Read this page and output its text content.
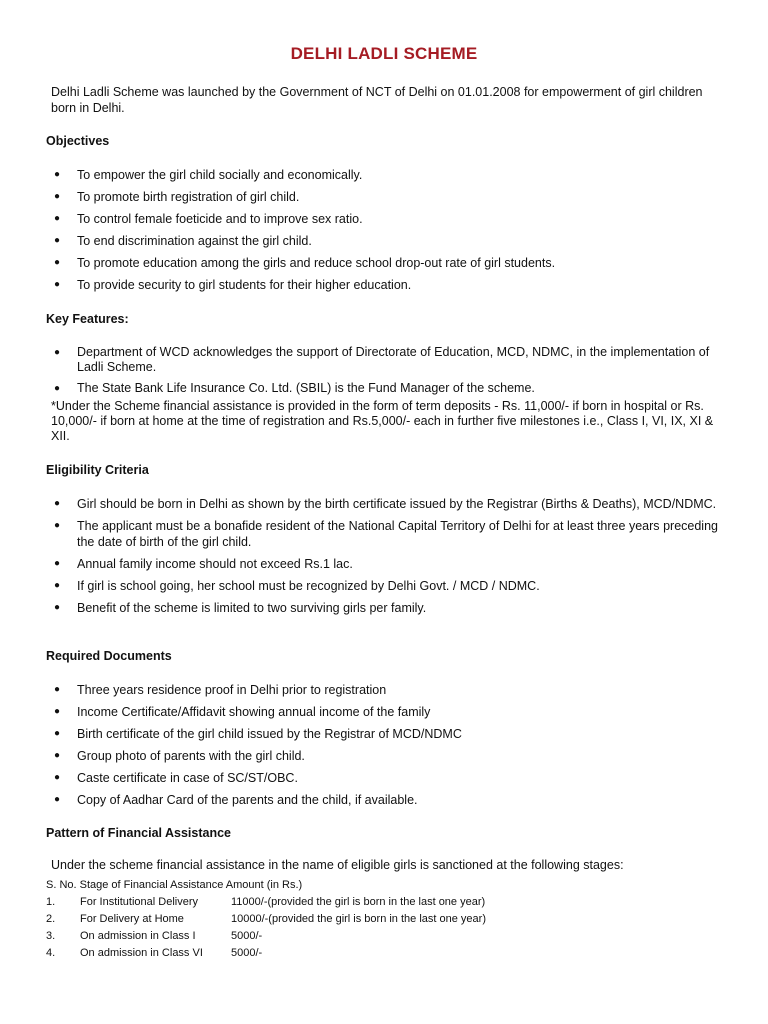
DELHI LADLI SCHEME
Delhi Ladli Scheme was launched by the Government of NCT of Delhi on 01.01.2008 for empowerment of girl children born in Delhi.
Objectives
● To empower the girl child socially and economically.
● To promote birth registration of girl child.
● To control female foeticide and to improve sex ratio.
● To end discrimination against the girl child.
● To promote education among the girls and reduce school drop-out rate of girl students.
● To provide security to girl students for their higher education.
Key Features:
● Department of WCD acknowledges the support of Directorate of Education, MCD, NDMC, in the implementation of Ladli Scheme.
● The State Bank Life Insurance Co. Ltd. (SBIL) is the Fund Manager of the scheme.
*Under the Scheme financial assistance is provided in the form of term deposits - Rs. 11,000/- if born in hospital or Rs. 10,000/- if born at home at the time of registration and Rs.5,000/- each in further five milestones i.e., Class I, VI, IX, XI & XII.
Eligibility Criteria
● Girl should be born in Delhi as shown by the birth certificate issued by the Registrar (Births & Deaths), MCD/NDMC.
● The applicant must be a bonafide resident of the National Capital Territory of Delhi for at least three years preceding the date of birth of the girl child.
● Annual family income should not exceed Rs.1 lac.
● If girl is school going, her school must be recognized by Delhi Govt. / MCD / NDMC.
● Benefit of the scheme is limited to two surviving girls per family.
Required Documents
● Three years residence proof in Delhi prior to registration
● Income Certificate/Affidavit showing annual income of the family
● Birth certificate of the girl child issued by the Registrar of MCD/NDMC
● Group photo of parents with the girl child.
● Caste certificate in case of SC/ST/OBC.
● Copy of Aadhar Card of the parents and the child, if available.
Pattern of Financial Assistance
Under the scheme financial assistance in the name of eligible girls is sanctioned at the following stages:
S. No. Stage of Financial Assistance Amount (in Rs.)		
1.	For Institutional Delivery	11000/-(provided the girl is born in the last one year)
2.	For Delivery at Home	10000/-(provided the girl is born in the last one year)
3.	On admission in Class I	5000/-
4.	On admission in Class VI	5000/-
